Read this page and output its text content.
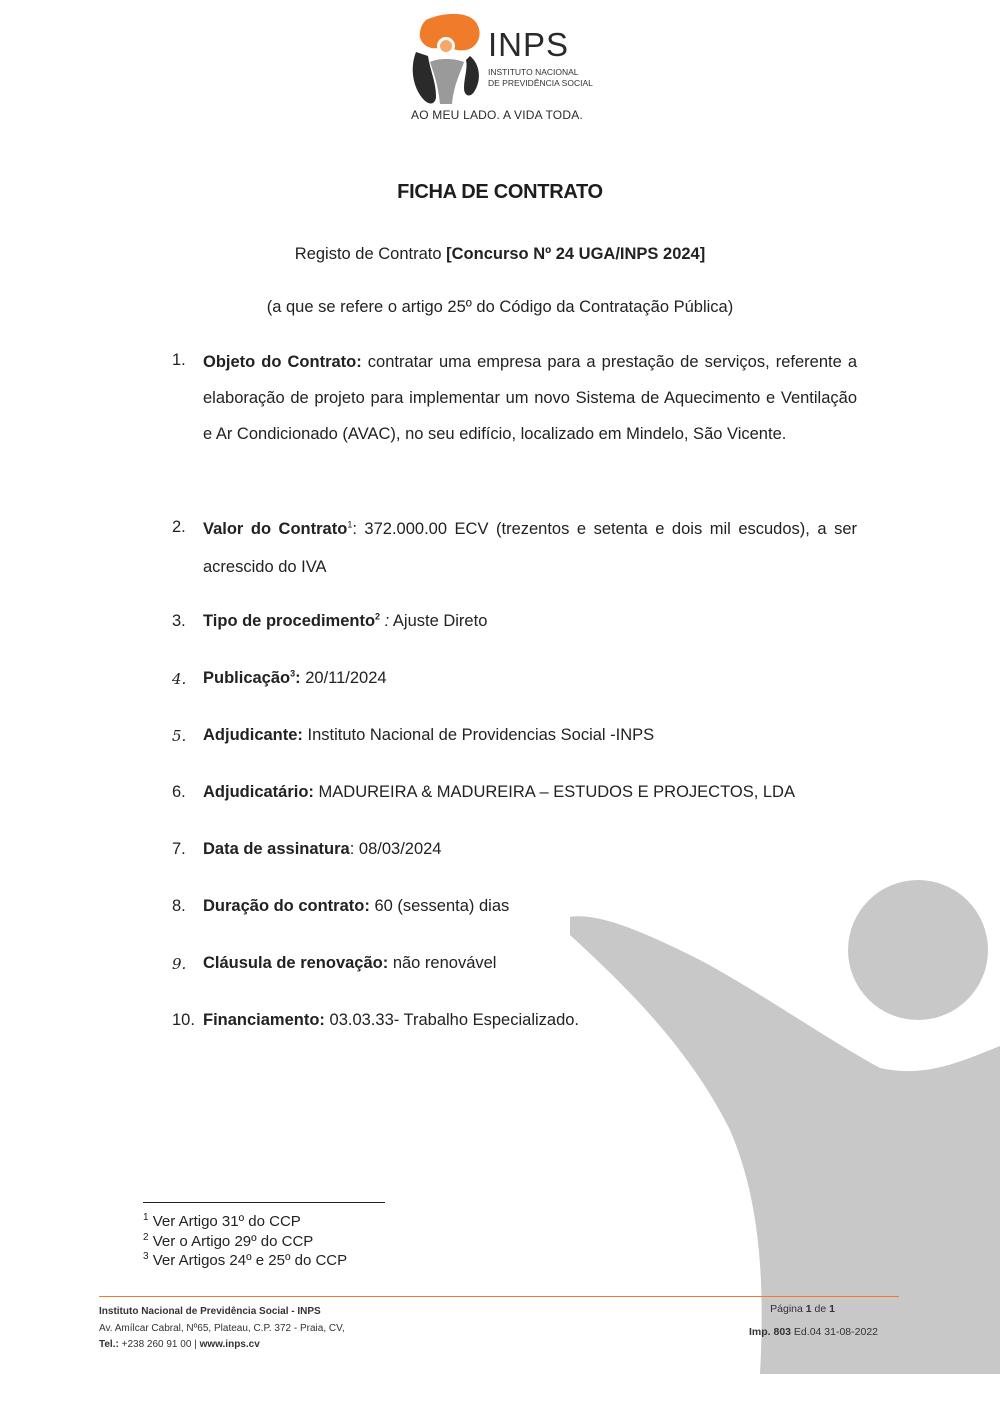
INPS
INSTITUTO NACIONAL
DE PREVIDÊNCIA SOCIAL
AO MEU LADO. A VIDA TODA.
FICHA DE CONTRATO
Registo de Contrato [Concurso Nº 24 UGA/INPS 2024]
(a que se refere o artigo 25º do Código da Contratação Pública)
1.	Objeto do Contrato: contratar uma empresa para a prestação de serviços, referente a elaboração de projeto para implementar um novo Sistema de Aquecimento e Ventilação e Ar Condicionado (AVAC), no seu edifício, localizado em Mindelo, São Vicente.
2.	Valor do Contrato$^1$: 372.000.00 ECV (trezentos e setenta e dois mil escudos), a ser acrescido do IVA
3.	Tipo de procedimento$^2$ : Ajuste Direto
4.	Publicação$^3$: 20/11/2024
5.	Adjudicante: Instituto Nacional de Providencias Social -INPS
6.	Adjudicatário: MADUREIRA & MADUREIRA – ESTUDOS E PROJECTOS, LDA
7.	Data de assinatura: 08/03/2024
8.	Duração do contrato: 60 (sessenta) dias
9.	Cláusula de renovação: não renovável
10. Financiamento: 03.03.33- Trabalho Especializado.
$^1$ Ver Artigo 31º do CCP
$^2$ Ver o Artigo 29º do CCP
$^3$ Ver Artigos 24º e 25º do CCP
Instituto Nacional de Previdência Social - INPS
Av. Amílcar Cabral, Nº65, Plateau, C.P. 372 - Praia, CV,
Tel.: +238 260 91 00 | www.inps.cv
Página 1 de 1
Imp. 803 Ed.04 31-08-2022
